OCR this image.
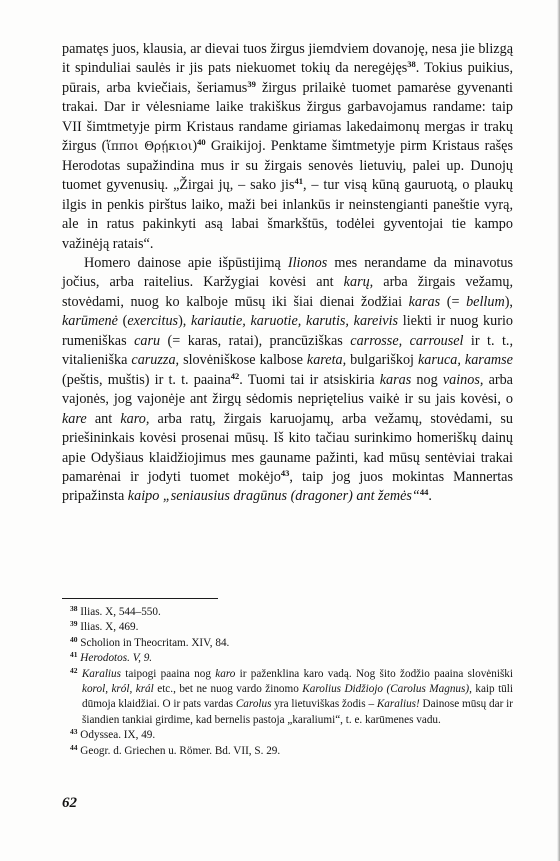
pamatęs juos, klausia, ar dievai tuos žirgus jiemdviem dovanoję, nesa jie blizgą it spinduliai saulės ir jis pats niekuomet tokių da neregėjęs$^{38}$. Tokius puikius, pūrais, arba kviečiais, šeriamus$^{39}$ žirgus prilaikė tuomet pamarėse gyvenanti trakai. Dar ir vėlesniame laike trakiškus žirgus garbavojamus randame: taip VII šimtmetyje pirm Kristaus randame giriamas lakedaimonų mergas ir trakų žirgus (ἵπποι Θρῄκιοι)$^{40}$ Graikijoj. Penktame šimtmetyje pirm Kristaus rašęs Herodotas supažindina mus ir su žirgais senovės lietuvių, palei up. Dunojų tuomet gyvenusių. „Žirgai jų, – sako jis$^{41}$, – tur visą kūną gauruotą, o plaukų ilgis in penkis pirštus laiko, maži bei inlankūs ir neinstengianti paneštie vyrą, ale in ratus pakinkyti asą labai šmarkštūs, todėlei gyventojai tie kampo važinėją ratais“.

Homero dainose apie išpūstijimą Ilionos mes nerandame da minavotus jočius, arba raitelius. Karžygiai kovėsi ant karų, arba žirgais vežamų, stovėdami, nuog ko kalboje mūsų iki šiai dienai žodžiai karas (= bellum), karūmenė (exercitus), kariautie, karuotie, karutis, kareivis liekti ir nuog kurio rumeniškas caru (= karas, ratai), prancūziškas carrosse, carrousel ir t. t., vitalieniška caruzza, slovėniškose kalbose kareta, bulgariškoj karuca, karamse (peštis, muštis) ir t. t. paaina$^{42}$. Tuomi tai ir atsiskiria karas nog vainos, arba vajonės, jog vajonėje ant žirgų sėdomis nepriętelius vaikė ir su jais kovėsi, o kare ant karo, arba ratų, žirgais karuojamų, arba vežamų, stovėdami, su priešininkais kovėsi prosenai mūsų. Iš kito tačiau surinkimo homeriškų dainų apie Odyšiaus klaidžiojimus mes gauname pažinti, kad mūsų sentėviai trakai pamarėnai ir jodyti tuomet mokėjo$^{43}$, taip jog juos mokintas Mannertas pripažinsta kaipo „seniausius dragūnus (dragoner) ant žemės“$^{44}$.

$^{38}$ Ilias. X, 544–550.

$^{39}$ Ilias. X, 469.

$^{40}$ Scholion in Theocritam. XIV, 84.

$^{41}$ Herodotos. V, 9.

$^{42}$ Karalius taipogi paaina nog karo ir paženklina karo vadą. Nog šito žodžio paaina slovėniški korol, król, král etc., bet ne nuog vardo žinomo Karolius Didžiojo (Carolus Magnus), kaip tūli dūmoja klaidžiai. O ir pats vardas Carolus yra lietuviškas žodis – Karalius! Dainose mūsų dar ir šiandien tankiai girdime, kad bernelis pastoja „karaliumi“, t. e. karūmenes vadu.

$^{43}$ Odyssea. IX, 49.

$^{44}$ Geogr. d. Griechen u. Römer. Bd. VII, S. 29.

62
